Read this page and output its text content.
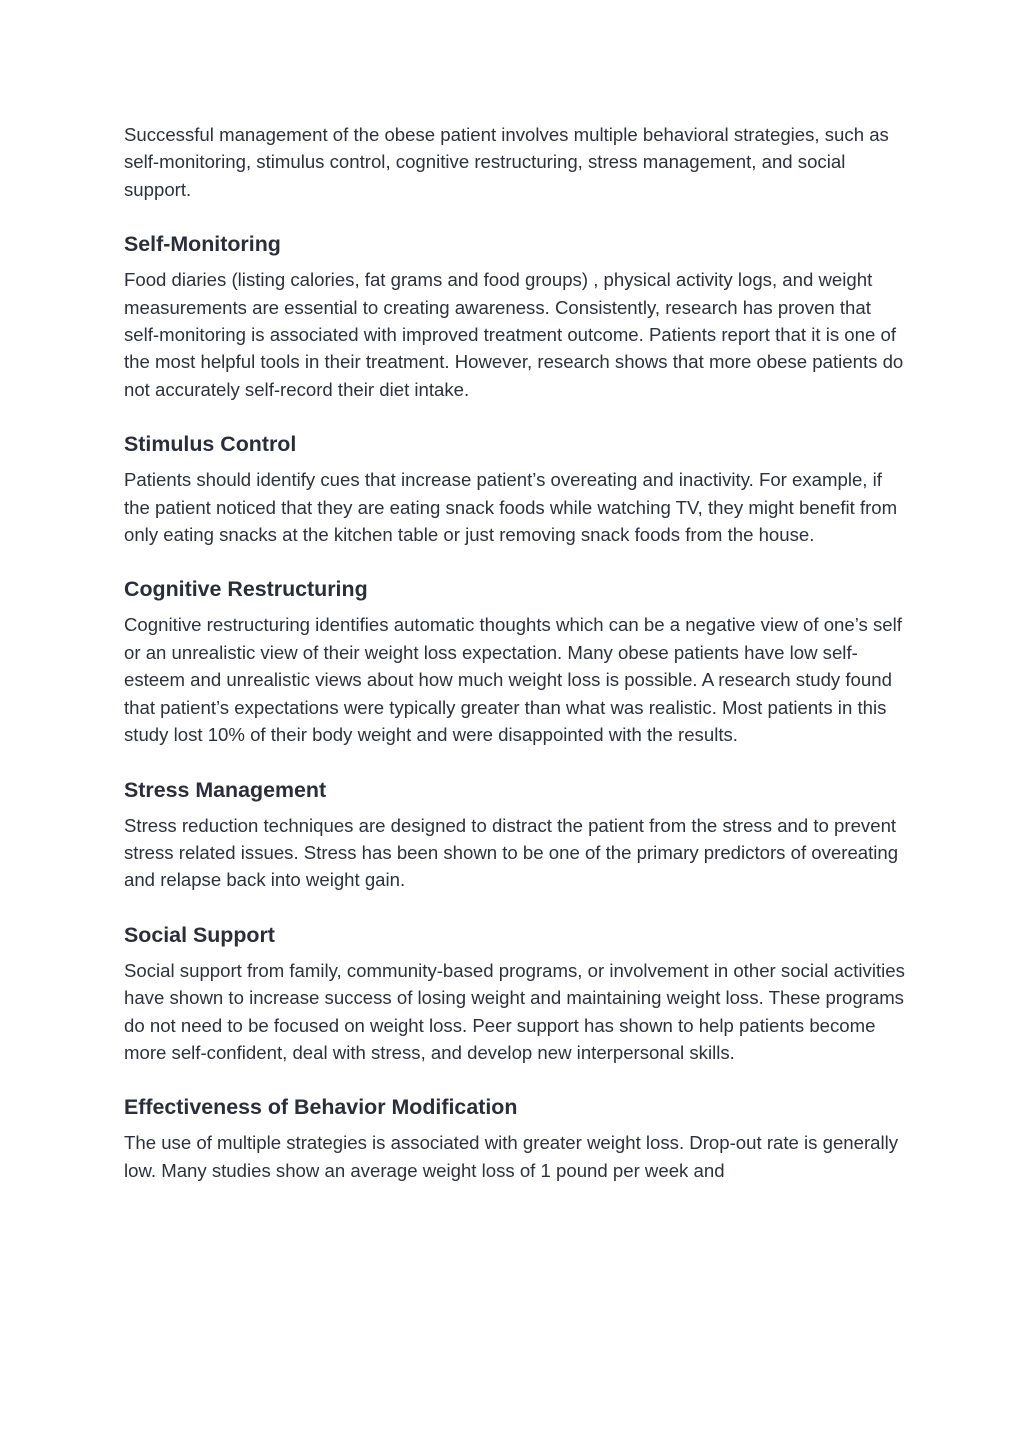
Successful management of the obese patient involves multiple behavioral strategies, such as self-monitoring, stimulus control, cognitive restructuring, stress management, and social support.

Self-Monitoring

Food diaries (listing calories, fat grams and food groups) , physical activity logs, and weight measurements are essential to creating awareness. Consistently, research has proven that self-monitoring is associated with improved treatment outcome. Patients report that it is one of the most helpful tools in their treatment. However, research shows that more obese patients do not accurately self-record their diet intake.

Stimulus Control

Patients should identify cues that increase patient’s overeating and inactivity. For example, if the patient noticed that they are eating snack foods while watching TV, they might benefit from only eating snacks at the kitchen table or just removing snack foods from the house.

Cognitive Restructuring

Cognitive restructuring identifies automatic thoughts which can be a negative view of one’s self or an unrealistic view of their weight loss expectation. Many obese patients have low self-esteem and unrealistic views about how much weight loss is possible. A research study found that patient’s expectations were typically greater than what was realistic. Most patients in this study lost 10% of their body weight and were disappointed with the results.

Stress Management

Stress reduction techniques are designed to distract the patient from the stress and to prevent stress related issues. Stress has been shown to be one of the primary predictors of overeating and relapse back into weight gain.

Social Support

Social support from family, community-based programs, or involvement in other social activities have shown to increase success of losing weight and maintaining weight loss. These programs do not need to be focused on weight loss. Peer support has shown to help patients become more self-confident, deal with stress, and develop new interpersonal skills.

Effectiveness of Behavior Modification

The use of multiple strategies is associated with greater weight loss. Drop-out rate is generally low. Many studies show an average weight loss of 1 pound per week and
